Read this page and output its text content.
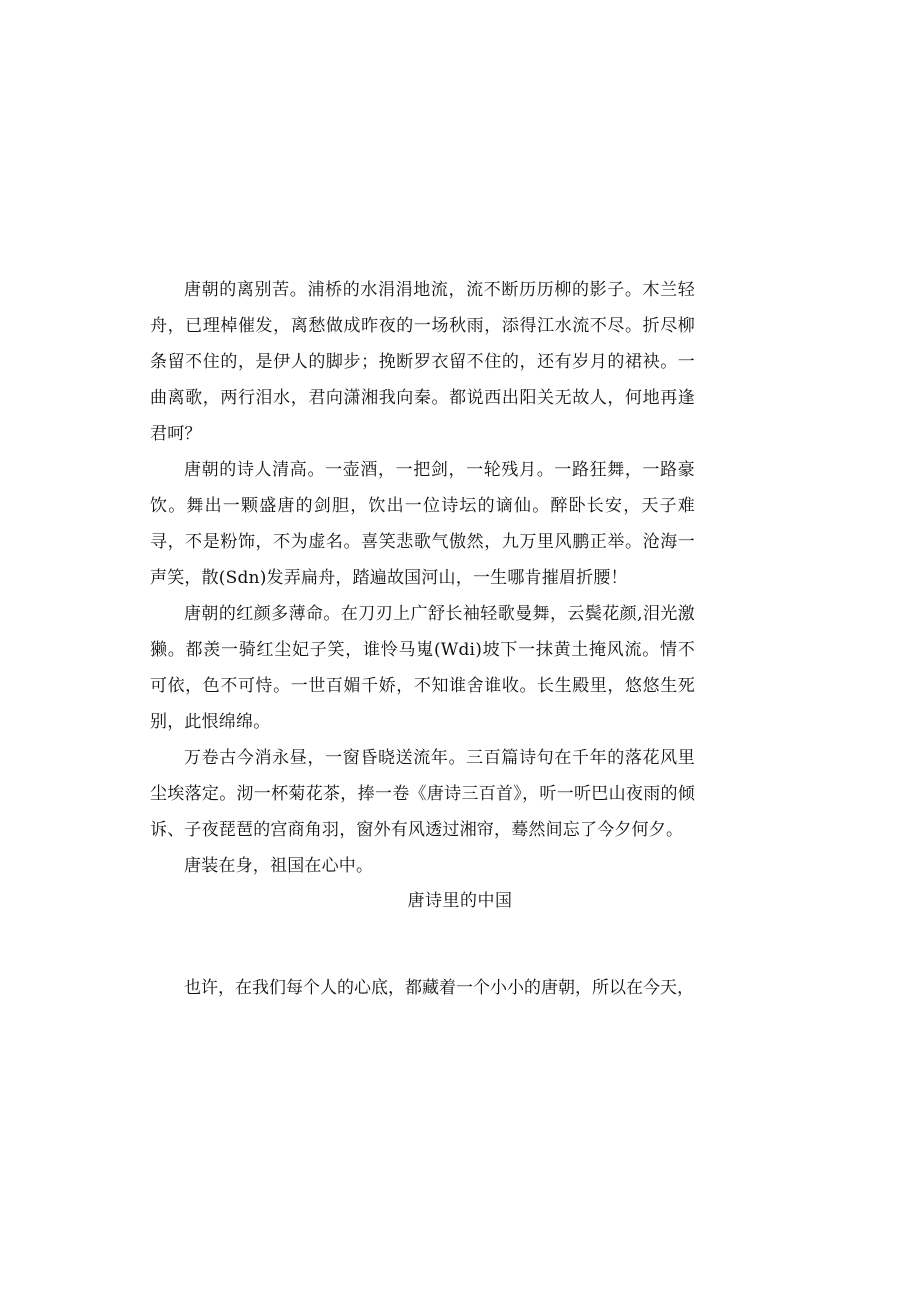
唐朝的离别苦。浦桥的水涓涓地流，流不断历历柳的影子。木兰轻舟，已理棹催发，离愁做成昨夜的一场秋雨，添得江水流不尽。折尽柳条留不住的，是伊人的脚步；挽断罗衣留不住的，还有岁月的裙袂。一曲离歌，两行泪水，君向潇湘我向秦。都说西出阳关无故人，何地再逢君呵？

唐朝的诗人清高。一壶酒，一把剑，一轮残月。一路狂舞，一路豪饮。舞出一颗盛唐的剑胆，饮出一位诗坛的谪仙。醉卧长安，天子难寻，不是粉饰，不为虚名。喜笑悲歌气傲然，九万里风鹏正举。沧海一声笑，散(Sdn)发弄扁舟，踏遍故国河山，一生哪肯摧眉折腰！

唐朝的红颜多薄命。在刀刃上广舒长袖轻歌曼舞，云鬓花颜,泪光激獭。都羡一骑红尘妃子笑，谁怜马嵬(Wdi)坡下一抹黄土掩风流。情不可依，色不可恃。一世百媚千娇，不知谁舍谁收。长生殿里，悠悠生死别，此恨绵绵。

万卷古今消永昼，一窗昏晓送流年。三百篇诗句在千年的落花风里尘埃落定。沏一杯菊花茶，捧一卷《唐诗三百首》，听一听巴山夜雨的倾诉、子夜琵琶的宫商角羽，窗外有风透过湘帘，蓦然间忘了今夕何夕。

唐装在身，祖国在心中。

唐诗里的中国

也许，在我们每个人的心底，都藏着一个小小的唐朝，所以在今天，
